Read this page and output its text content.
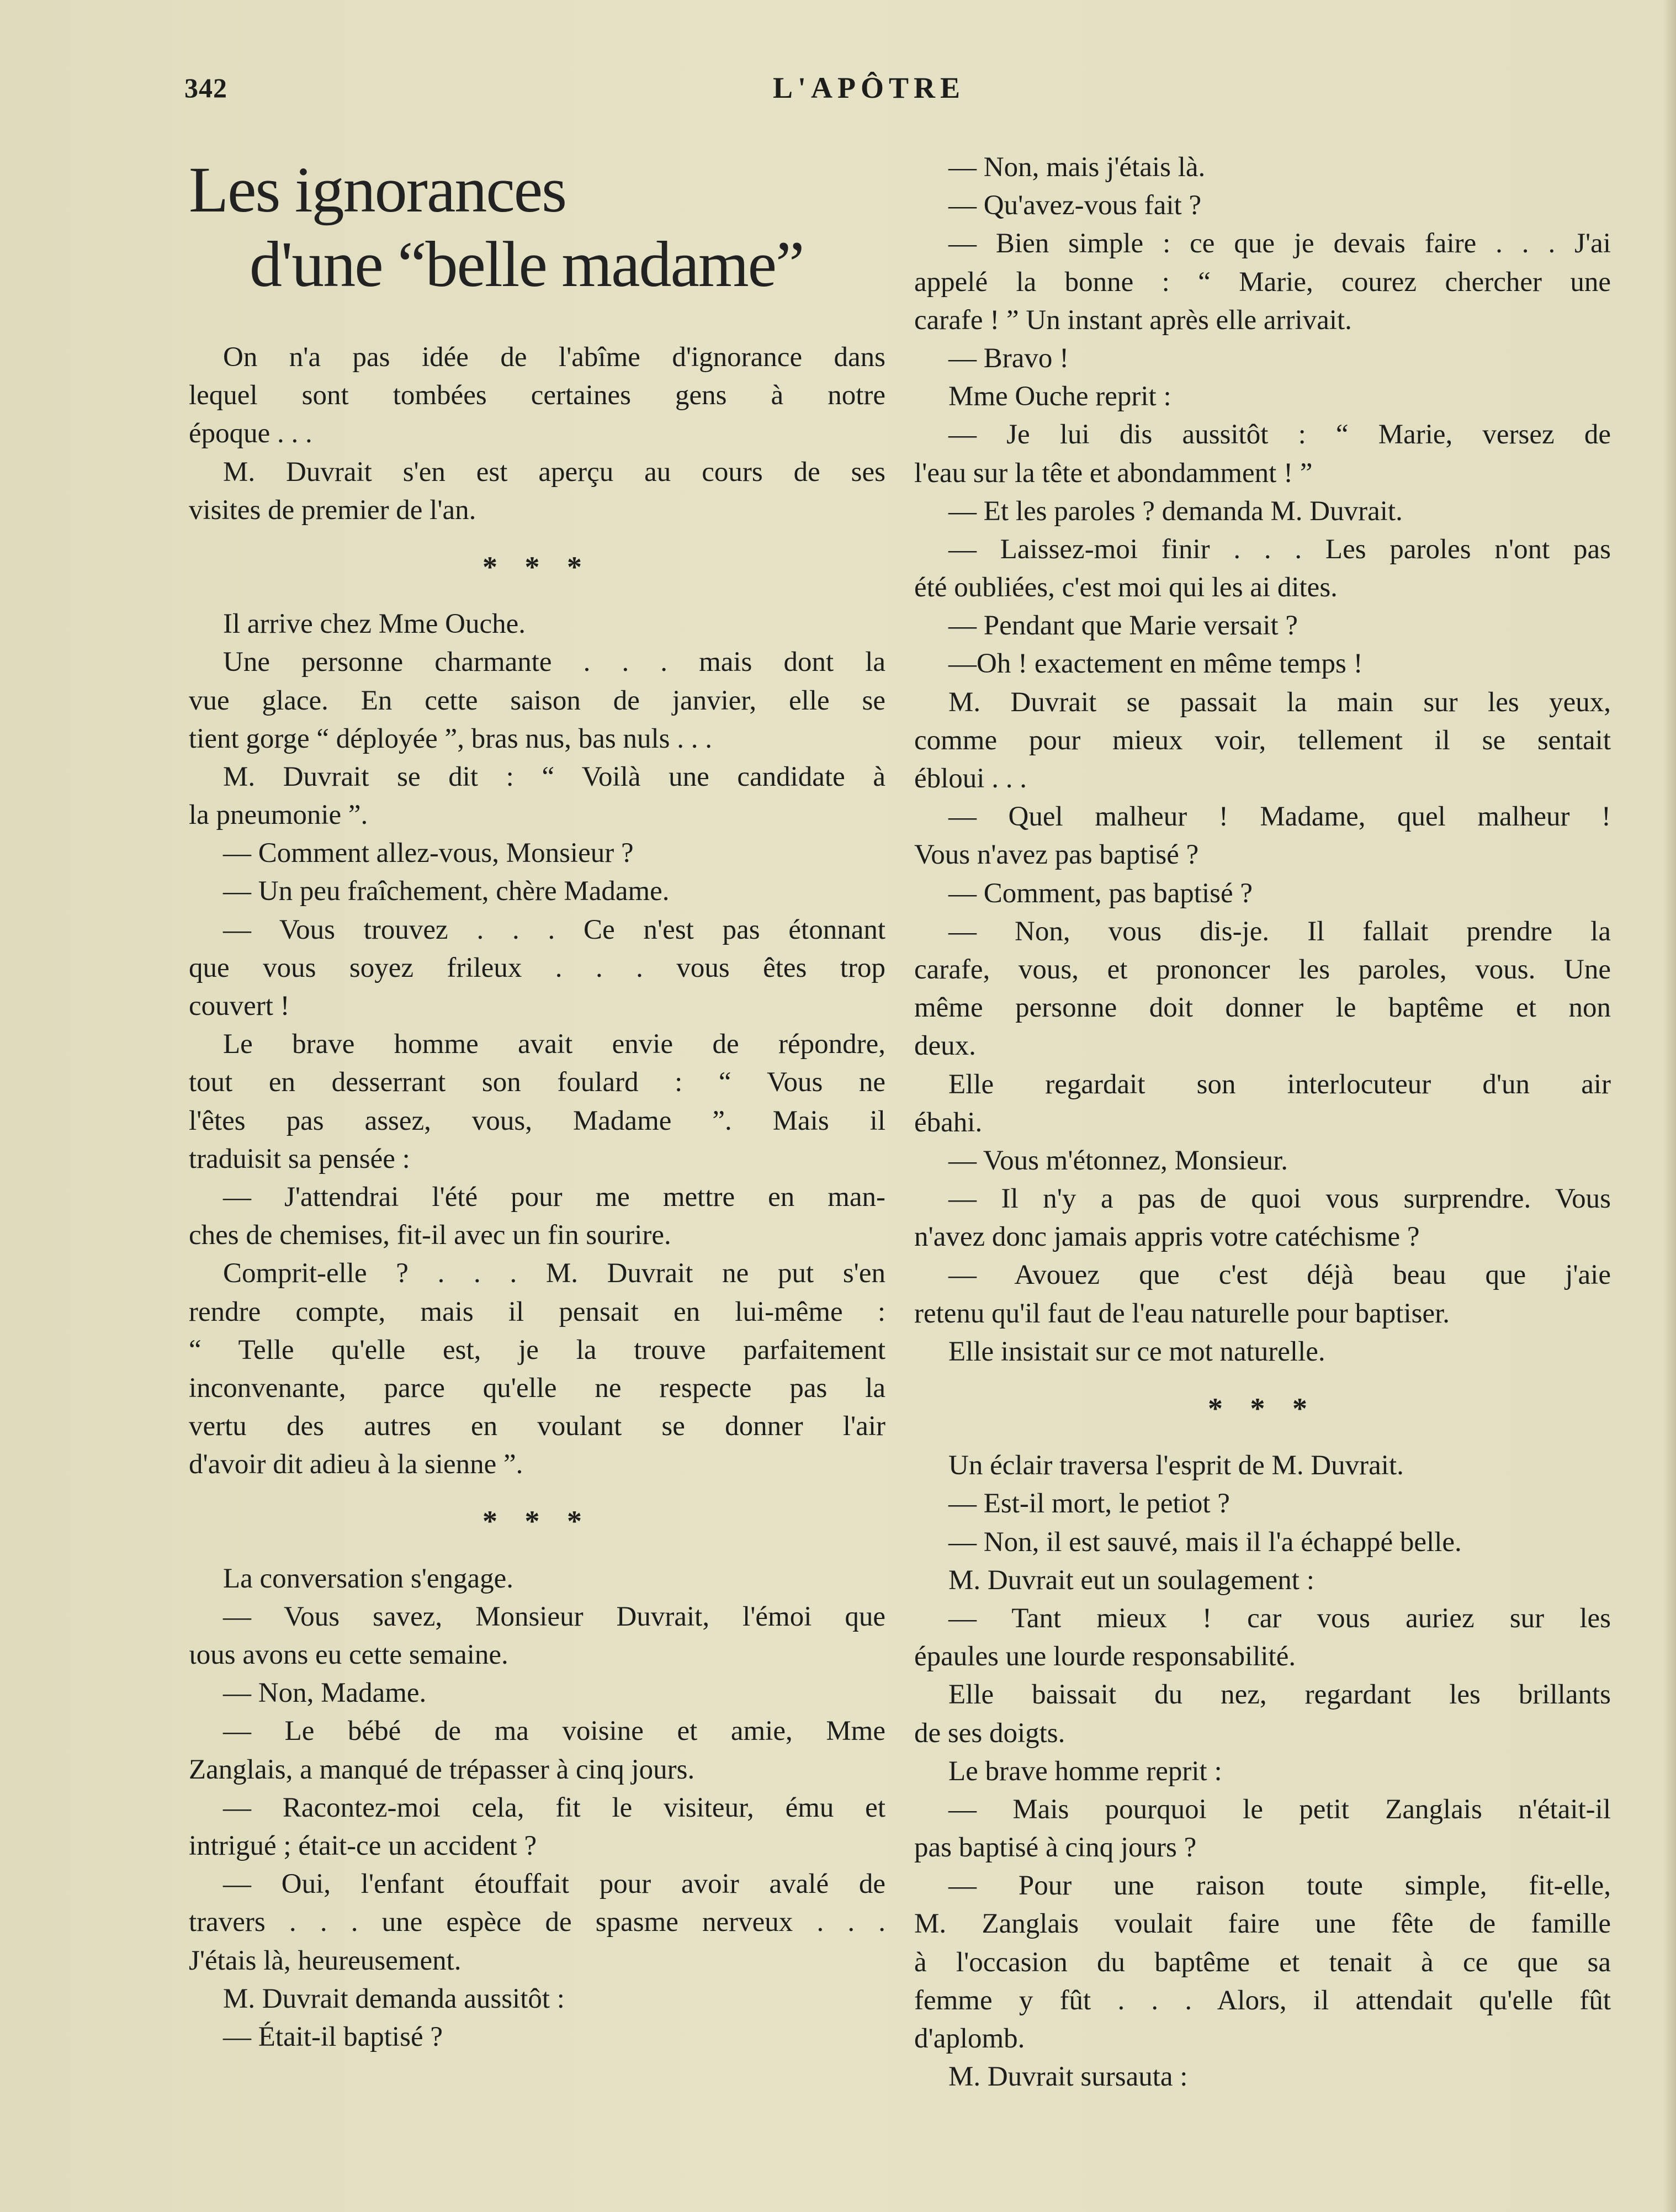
342	L'APÔTRE
Les ignorances
d'une “belle madame”
On n'a pas idée de l'abîme d'ignorance dans
lequel sont tombées certaines gens à notre
époque . . .
M. Duvrait s'en est aperçu au cours de ses
visites de premier de l'an.
* * *
Il arrive chez Mme Ouche.
Une personne charmante . . . mais dont la
vue glace. En cette saison de janvier, elle se
tient gorge “ déployée ”, bras nus, bas nuls . . .
M. Duvrait se dit : “ Voilà une candidate à
la pneumonie ”.
— Comment allez-vous, Monsieur ?
— Un peu fraîchement, chère Madame.
— Vous trouvez . . . Ce n'est pas étonnant
que vous soyez frileux . . . vous êtes trop
couvert !
Le brave homme avait envie de répondre,
tout en desserrant son foulard : “ Vous ne
l'êtes pas assez, vous, Madame ”. Mais il
traduisit sa pensée :
— J'attendrai l'été pour me mettre en man-
ches de chemises, fit-il avec un fin sourire.
Comprit-elle ? . . . M. Duvrait ne put s'en
rendre compte, mais il pensait en lui-même :
“ Telle qu'elle est, je la trouve parfaitement
inconvenante, parce qu'elle ne respecte pas la
vertu des autres en voulant se donner l'air
d'avoir dit adieu à la sienne ”.
* * *
La conversation s'engage.
— Vous savez, Monsieur Duvrait, l'émoi que
ιous avons eu cette semaine.
— Non, Madame.
— Le bébé de ma voisine et amie, Mme
Zanglais, a manqué de trépasser à cinq jours.
— Racontez-moi cela, fit le visiteur, ému et
intrigué ; était-ce un accident ?
— Oui, l'enfant étouffait pour avoir avalé de
travers . . . une espèce de spasme nerveux . . .
J'étais là, heureusement.
M. Duvrait demanda aussitôt :
— Était-il baptisé ?
— Non, mais j'étais là.
— Qu'avez-vous fait ?
— Bien simple : ce que je devais faire . . . J'ai
appelé la bonne : “ Marie, courez chercher une
carafe ! ” Un instant après elle arrivait.
— Bravo !
Mme Ouche reprit :
— Je lui dis aussitôt : “ Marie, versez de
l'eau sur la tête et abondamment ! ”
— Et les paroles ? demanda M. Duvrait.
— Laissez-moi finir . . . Les paroles n'ont pas
été oubliées, c'est moi qui les ai dites.
— Pendant que Marie versait ?
—Oh ! exactement en même temps !
M. Duvrait se passait la main sur les yeux,
comme pour mieux voir, tellement il se sentait
ébloui . . .
— Quel malheur ! Madame, quel malheur !
Vous n'avez pas baptisé ?
— Comment, pas baptisé ?
— Non, vous dis-je. Il fallait prendre la
carafe, vous, et prononcer les paroles, vous. Une
même personne doit donner le baptême et non
deux.
Elle regardait son interlocuteur d'un air
ébahi.
— Vous m'étonnez, Monsieur.
— Il n'y a pas de quoi vous surprendre. Vous
n'avez donc jamais appris votre catéchisme ?
— Avouez que c'est déjà beau que j'aie
retenu qu'il faut de l'eau naturelle pour baptiser.
Elle insistait sur ce mot naturelle.
* * *
Un éclair traversa l'esprit de M. Duvrait.
— Est-il mort, le petiot ?
— Non, il est sauvé, mais il l'a échappé belle.
M. Duvrait eut un soulagement :
— Tant mieux ! car vous auriez sur les
épaules une lourde responsabilité.
Elle baissait du nez, regardant les brillants
de ses doigts.
Le brave homme reprit :
— Mais pourquoi le petit Zanglais n'était-il
pas baptisé à cinq jours ?
— Pour une raison toute simple, fit-elle,
M. Zanglais voulait faire une fête de famille
à l'occasion du baptême et tenait à ce que sa
femme y fût . . . Alors, il attendait qu'elle fût
d'aplomb.
M. Duvrait sursauta :
